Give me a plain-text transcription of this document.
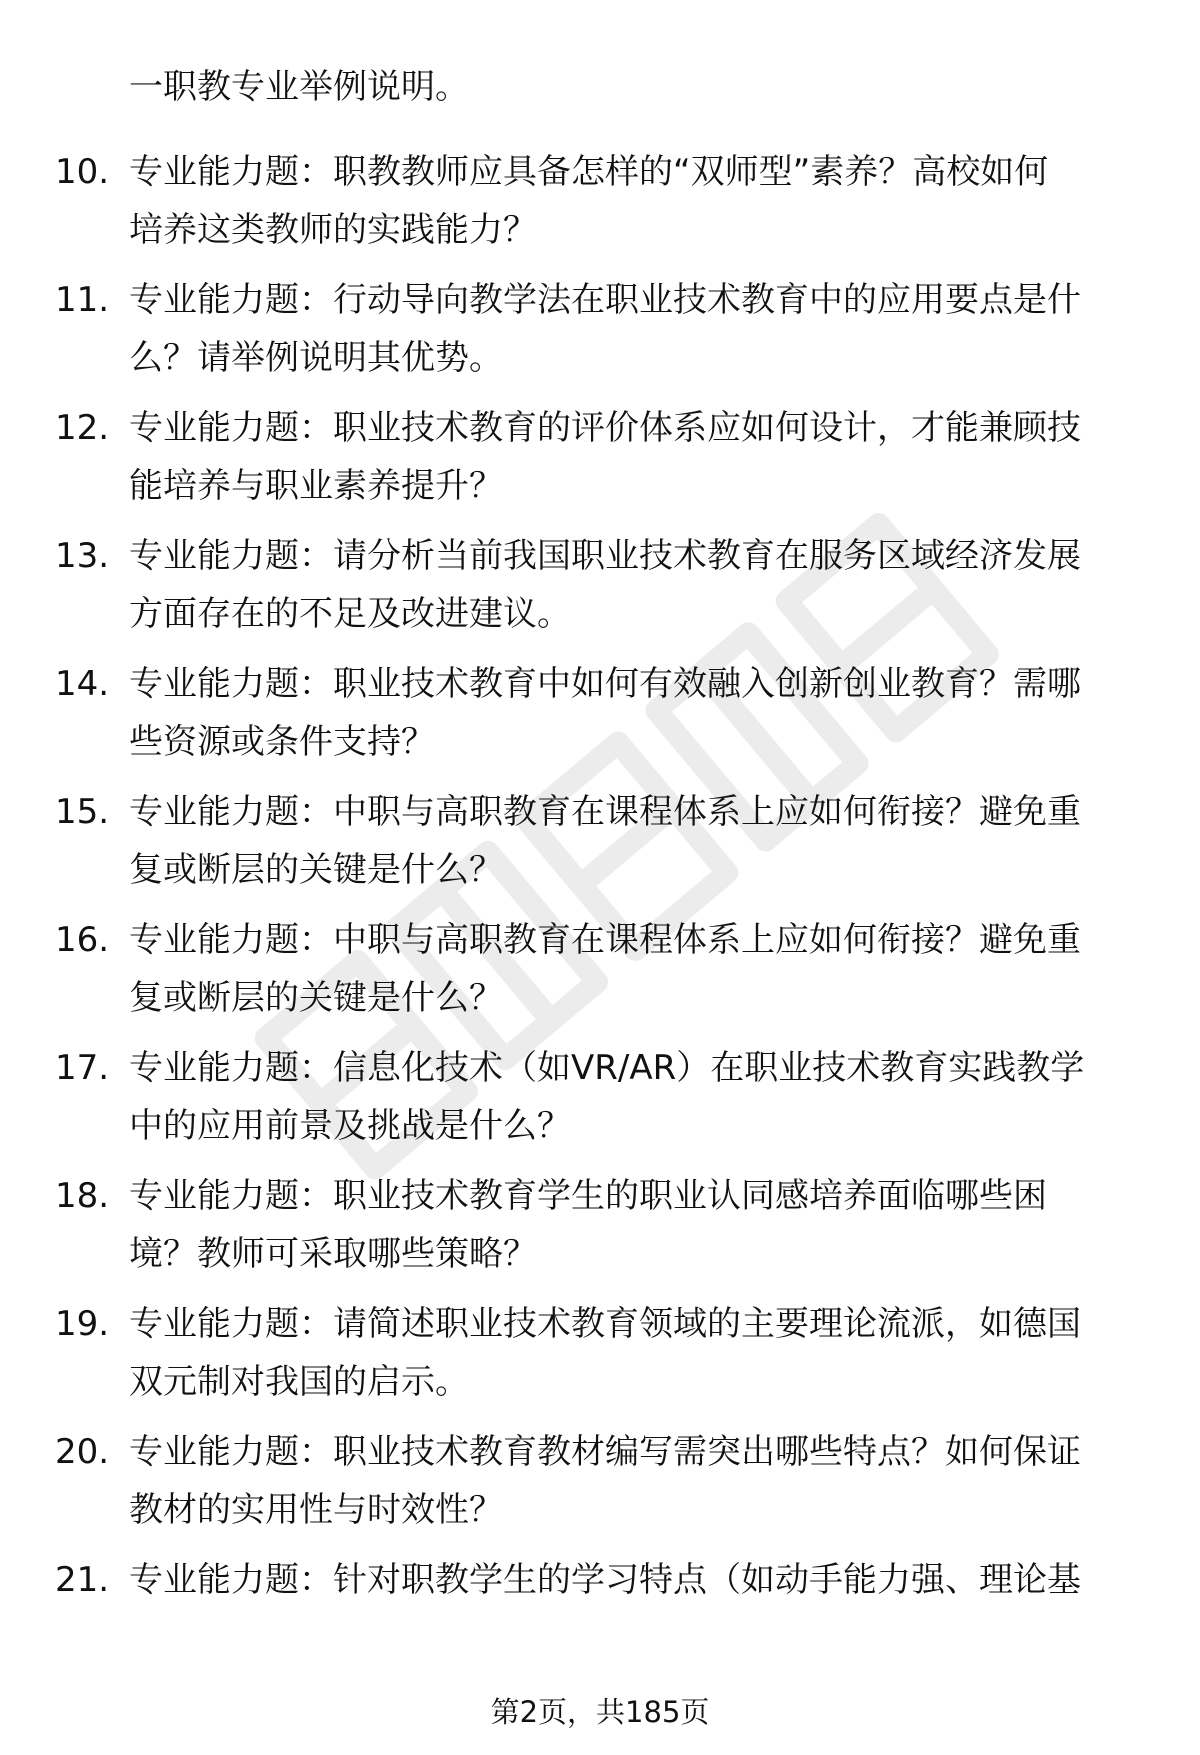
一职教专业举例说明。
10. 专业能力题：职教教师应具备怎样的“双师型”素养？高校如何
培养这类教师的实践能力？
11. 专业能力题：行动导向教学法在职业技术教育中的应用要点是什
么？请举例说明其优势。
12. 专业能力题：职业技术教育的评价体系应如何设计，才能兼顾技
能培养与职业素养提升？
13. 专业能力题：请分析当前我国职业技术教育在服务区域经济发展
方面存在的不足及改进建议。
14. 专业能力题：职业技术教育中如何有效融入创新创业教育？需哪
些资源或条件支持？
15. 专业能力题：中职与高职教育在课程体系上应如何衔接？避免重
复或断层的关键是什么？
16. 专业能力题：中职与高职教育在课程体系上应如何衔接？避免重
复或断层的关键是什么？
17. 专业能力题：信息化技术（如VR/AR）在职业技术教育实践教学
中的应用前景及挑战是什么？
18. 专业能力题：职业技术教育学生的职业认同感培养面临哪些困
境？教师可采取哪些策略？
19. 专业能力题：请简述职业技术教育领域的主要理论流派，如德国
双元制对我国的启示。
20. 专业能力题：职业技术教育教材编写需突出哪些特点？如何保证
教材的实用性与时效性？
21. 专业能力题：针对职教学生的学习特点（如动手能力强、理论基
第2页，共185页
